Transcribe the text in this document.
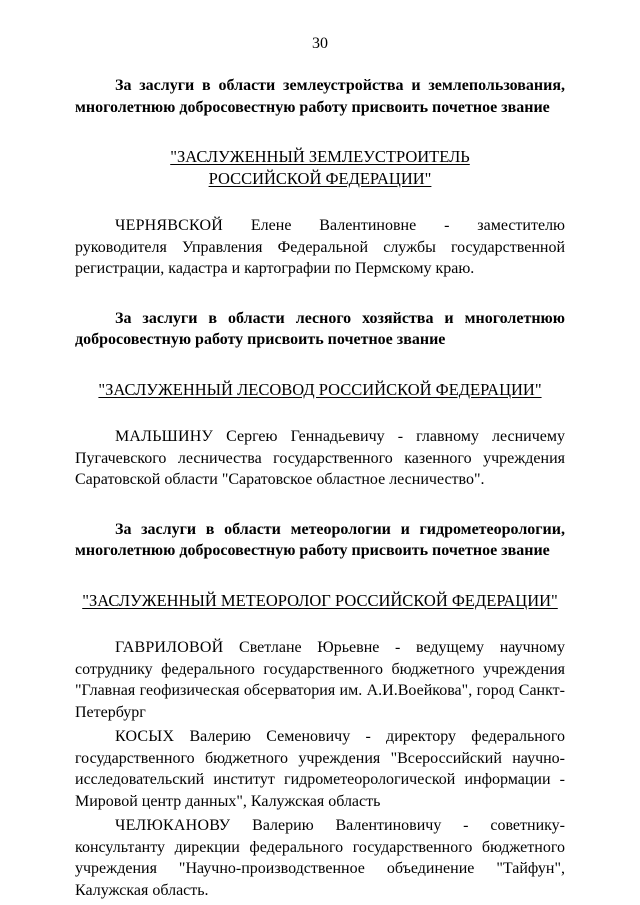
30

За заслуги в области землеустройства и землепользования, многолетнюю добросовестную работу присвоить почетное звание

"ЗАСЛУЖЕННЫЙ ЗЕМЛЕУСТРОИТЕЛЬ
РОССИЙСКОЙ ФЕДЕРАЦИИ"

ЧЕРНЯВСКОЙ Елене Валентиновне - заместителю руководителя Управления Федеральной службы государственной регистрации, кадастра и картографии по Пермскому краю.

За заслуги в области лесного хозяйства и многолетнюю добросовестную работу присвоить почетное звание

"ЗАСЛУЖЕННЫЙ ЛЕСОВОД РОССИЙСКОЙ ФЕДЕРАЦИИ"

МАЛЬШИНУ Сергею Геннадьевичу - главному лесничему Пугачевского лесничества государственного казенного учреждения Саратовской области "Саратовское областное лесничество".

За заслуги в области метеорологии и гидрометеорологии, многолетнюю добросовестную работу присвоить почетное звание

"ЗАСЛУЖЕННЫЙ МЕТЕОРОЛОГ РОССИЙСКОЙ ФЕДЕРАЦИИ"

ГАВРИЛОВОЙ Светлане Юрьевне - ведущему научному сотруднику федерального государственного бюджетного учреждения "Главная геофизическая обсерватория им. А.И.Воейкова", город Санкт-Петербург

КОСЫХ Валерию Семеновичу - директору федерального государственного бюджетного учреждения "Всероссийский научно-исследовательский институт гидрометеорологической информации - Мировой центр данных", Калужская область

ЧЕЛЮКАНОВУ Валерию Валентиновичу - советнику-консультанту дирекции федерального государственного бюджетного учреждения "Научно-производственное объединение "Тайфун", Калужская область.
